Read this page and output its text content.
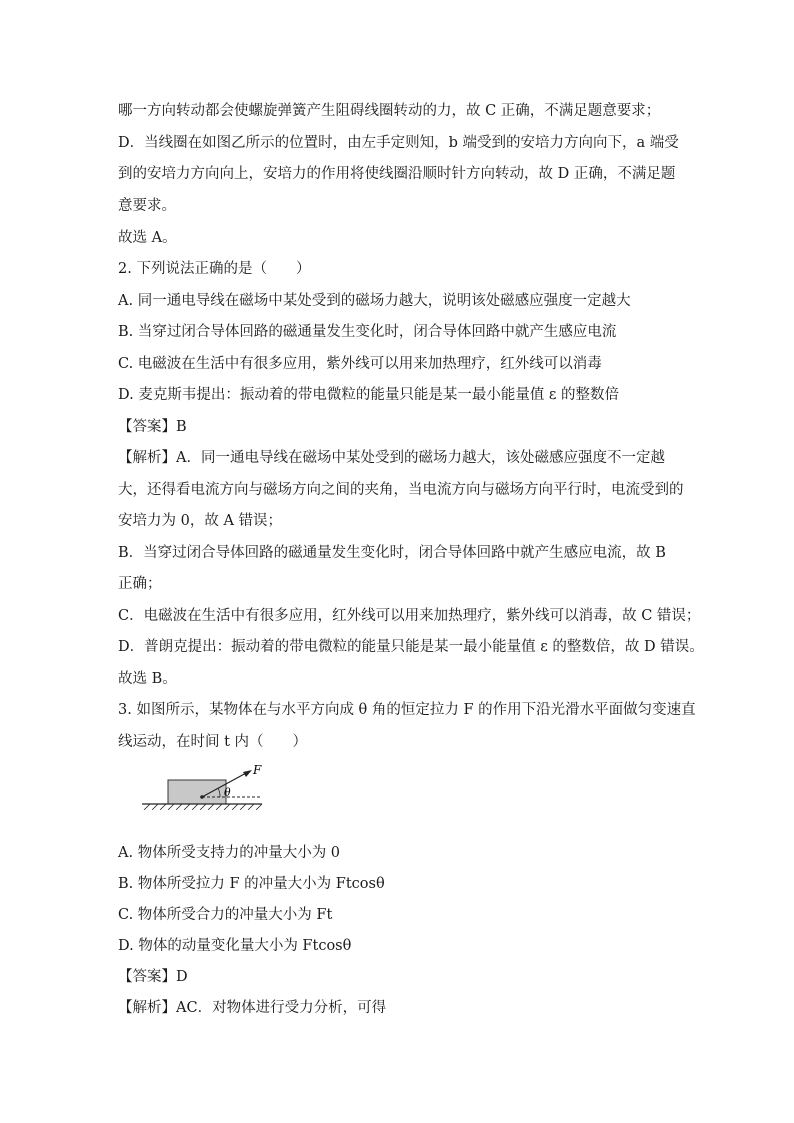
哪一方向转动都会使螺旋弹簧产生阻碍线圈转动的力，故 C 正确，不满足题意要求；
D．当线圈在如图乙所示的位置时，由左手定则知，b 端受到的安培力方向向下，a 端受
到的安培力方向向上，安培力的作用将使线圈沿顺时针方向转动，故 D 正确，不满足题
意要求。
故选 A。
2. 下列说法正确的是（　　）
A. 同一通电导线在磁场中某处受到的磁场力越大，说明该处磁感应强度一定越大
B. 当穿过闭合导体回路的磁通量发生变化时，闭合导体回路中就产生感应电流
C. 电磁波在生活中有很多应用，紫外线可以用来加热理疗，红外线可以消毒
D. 麦克斯韦提出：振动着的带电微粒的能量只能是某一最小能量值 ε 的整数倍
【答案】B
【解析】A．同一通电导线在磁场中某处受到的磁场力越大，该处磁感应强度不一定越
大，还得看电流方向与磁场方向之间的夹角，当电流方向与磁场方向平行时，电流受到的
安培力为 0，故 A 错误；
B．当穿过闭合导体回路的磁通量发生变化时，闭合导体回路中就产生感应电流，故 B
正确；
C．电磁波在生活中有很多应用，红外线可以用来加热理疗，紫外线可以消毒，故 C 错误；
D．普朗克提出：振动着的带电微粒的能量只能是某一最小能量值 ε 的整数倍，故 D 错误。
故选 B。
3. 如图所示，某物体在与水平方向成 θ 角的恒定拉力 F 的作用下沿光滑水平面做匀变速直
线运动，在时间 t 内（　　）
F
θ
A. 物体所受支持力的冲量大小为 0
B. 物体所受拉力 F 的冲量大小为 Ftcosθ
C. 物体所受合力的冲量大小为 Ft
D. 物体的动量变化量大小为 Ftcosθ
【答案】D
【解析】AC．对物体进行受力分析，可得
